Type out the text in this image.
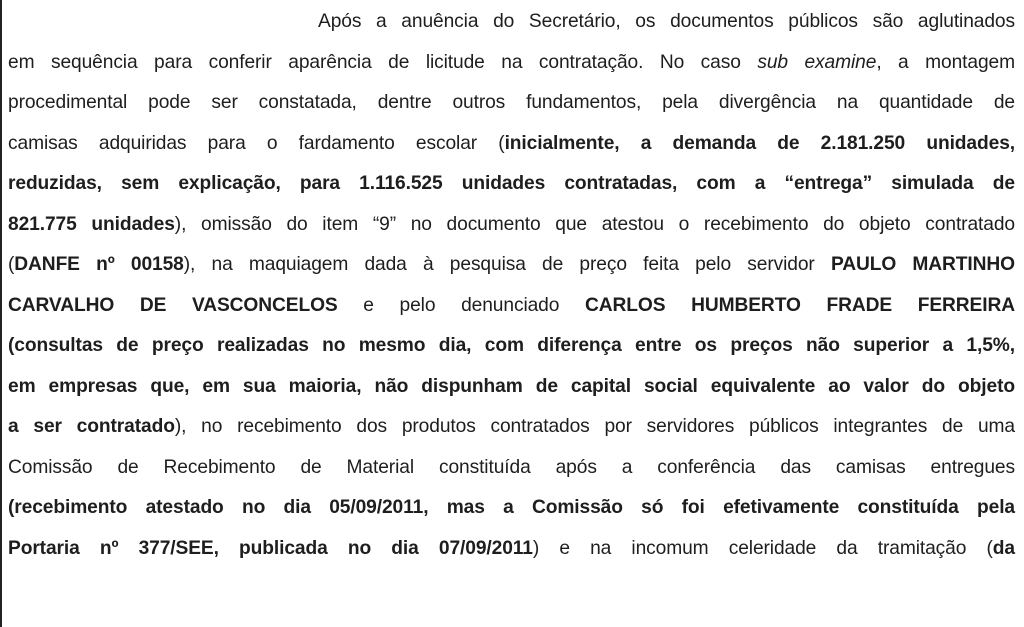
Após a anuência do Secretário, os documentos públicos são aglutinados
em sequência para conferir aparência de licitude na contratação. No caso sub examine, a montagem
procedimental pode ser constatada, dentre outros fundamentos, pela divergência na quantidade de
camisas adquiridas para o fardamento escolar (inicialmente, a demanda de 2.181.250 unidades,
reduzidas, sem explicação, para 1.116.525 unidades contratadas, com a “entrega” simulada de
821.775 unidades), omissão do item “9” no documento que atestou o recebimento do objeto contratado
(DANFE nº 00158), na maquiagem dada à pesquisa de preço feita pelo servidor PAULO MARTINHO
CARVALHO DE VASCONCELOS e pelo denunciado CARLOS HUMBERTO FRADE FERREIRA
(consultas de preço realizadas no mesmo dia, com diferença entre os preços não superior a 1,5%,
em empresas que, em sua maioria, não dispunham de capital social equivalente ao valor do objeto
a ser contratado), no recebimento dos produtos contratados por servidores públicos integrantes de uma
Comissão de Recebimento de Material constituída após a conferência das camisas entregues
(recebimento atestado no dia 05/09/2011, mas a Comissão só foi efetivamente constituída pela
Portaria nº 377/SEE, publicada no dia 07/09/2011) e na incomum celeridade da tramitação (da
